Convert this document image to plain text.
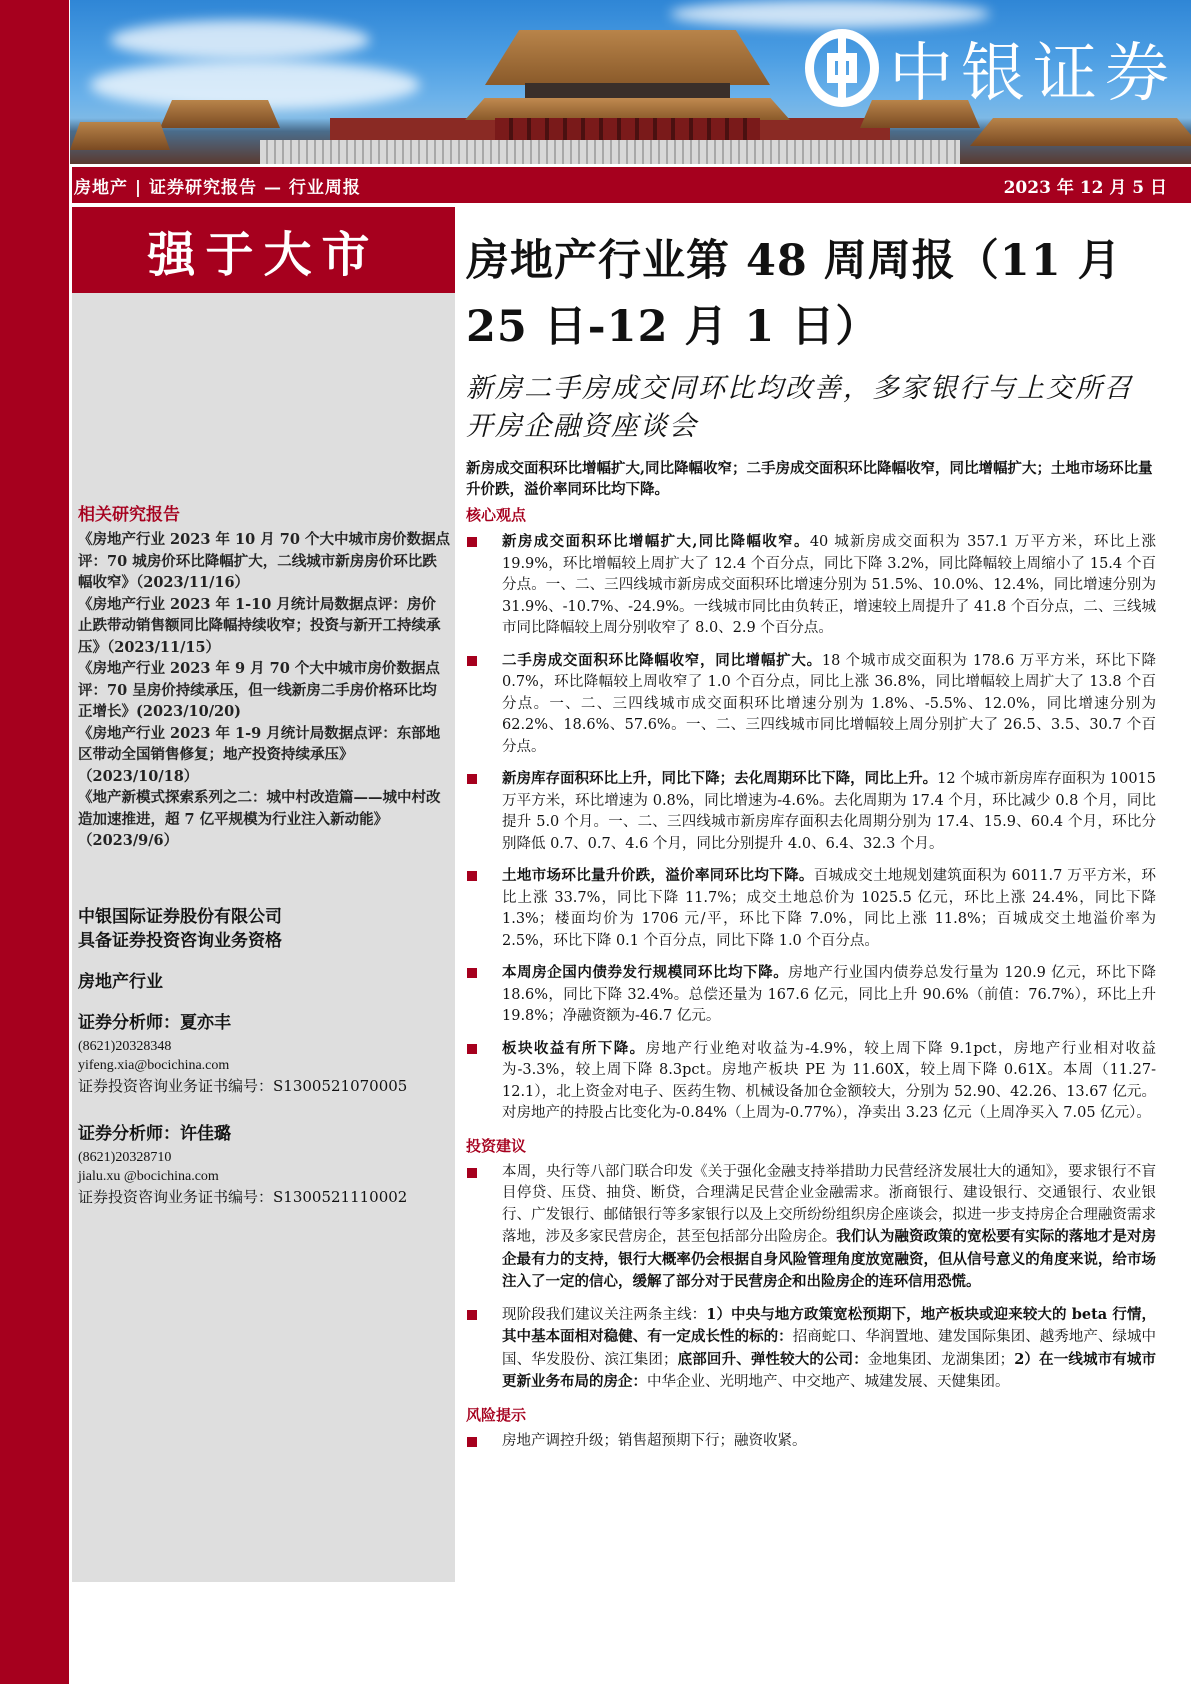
中银证券
房地产 | 证券研究报告 — 行业周报	2023 年 12 月 5 日
强于大市
相关研究报告
《房地产行业 2023 年 10 月 70 个大中城市房价数据点评：70 城房价环比降幅扩大，二线城市新房房价环比跌幅收窄》（2023/11/16）
《房地产行业 2023 年 1-10 月统计局数据点评：房价止跌带动销售额同比降幅持续收窄；投资与新开工持续承压》（2023/11/15）
《房地产行业 2023 年 9 月 70 个大中城市房价数据点评：70 呈房价持续承压，但一线新房二手房价格环比均正增长》(2023/10/20)
《房地产行业 2023 年 1-9 月统计局数据点评：东部地区带动全国销售修复；地产投资持续承压》（2023/10/18）
《地产新模式探索系列之二：城中村改造篇——城中村改造加速推进，超 7 亿平规模为行业注入新动能》（2023/9/6）
中银国际证券股份有限公司
具备证券投资咨询业务资格
房地产行业
证券分析师：夏亦丰
(8621)20328348
yifeng.xia@bocichina.com
证券投资咨询业务证书编号：S1300521070005
证券分析师：许佳璐
(8621)20328710
jialu.xu @bocichina.com
证券投资咨询业务证书编号：S1300521110002
房地产行业第 48 周周报（11 月 25 日-12 月 1 日）
新房二手房成交同环比均改善，多家银行与上交所召开房企融资座谈会
新房成交面积环比增幅扩大,同比降幅收窄；二手房成交面积环比降幅收窄，同比增幅扩大；土地市场环比量升价跌，溢价率同环比均下降。
核心观点
新房成交面积环比增幅扩大,同比降幅收窄。40 城新房成交面积为 357.1 万平方米，环比上涨 19.9%，环比增幅较上周扩大了 12.4 个百分点，同比下降 3.2%，同比降幅较上周缩小了 15.4 个百分点。一、二、三四线城市新房成交面积环比增速分别为 51.5%、10.0%、12.4%，同比增速分别为 31.9%、-10.7%、-24.9%。一线城市同比由负转正，增速较上周提升了 41.8 个百分点，二、三线城市同比降幅较上周分别收窄了 8.0、2.9 个百分点。
二手房成交面积环比降幅收窄，同比增幅扩大。18 个城市成交面积为 178.6 万平方米，环比下降 0.7%，环比降幅较上周收窄了 1.0 个百分点，同比上涨 36.8%，同比增幅较上周扩大了 13.8 个百分点。一、二、三四线城市成交面积环比增速分别为 1.8%、-5.5%、12.0%，同比增速分别为 62.2%、18.6%、57.6%。一、二、三四线城市同比增幅较上周分别扩大了 26.5、3.5、30.7 个百分点。
新房库存面积环比上升，同比下降；去化周期环比下降，同比上升。12 个城市新房库存面积为 10015 万平方米，环比增速为 0.8%，同比增速为-4.6%。去化周期为 17.4 个月，环比减少 0.8 个月，同比提升 5.0 个月。一、二、三四线城市新房库存面积去化周期分别为 17.4、15.9、60.4 个月，环比分别降低 0.7、0.7、4.6 个月，同比分别提升 4.0、6.4、32.3 个月。
土地市场环比量升价跌，溢价率同环比均下降。百城成交土地规划建筑面积为 6011.7 万平方米，环比上涨 33.7%，同比下降 11.7%；成交土地总价为 1025.5 亿元，环比上涨 24.4%，同比下降 1.3%；楼面均价为 1706 元/平，环比下降 7.0%，同比上涨 11.8%；百城成交土地溢价率为 2.5%，环比下降 0.1 个百分点，同比下降 1.0 个百分点。
本周房企国内债券发行规模同环比均下降。房地产行业国内债券总发行量为 120.9 亿元，环比下降 18.6%，同比下降 32.4%。总偿还量为 167.6 亿元，同比上升 90.6%（前值：76.7%），环比上升 19.8%；净融资额为-46.7 亿元。
板块收益有所下降。房地产行业绝对收益为-4.9%，较上周下降 9.1pct，房地产行业相对收益为-3.3%，较上周下降 8.3pct。房地产板块 PE 为 11.60X，较上周下降 0.61X。本周（11.27-12.1），北上资金对电子、医药生物、机械设备加仓金额较大，分别为 52.90、42.26、13.67 亿元。对房地产的持股占比变化为-0.84%（上周为-0.77%），净卖出 3.23 亿元（上周净买入 7.05 亿元）。
投资建议
本周，央行等八部门联合印发《关于强化金融支持举措助力民营经济发展壮大的通知》，要求银行不盲目停贷、压贷、抽贷、断贷，合理满足民营企业金融需求。浙商银行、建设银行、交通银行、农业银行、广发银行、邮储银行等多家银行以及上交所纷纷组织房企座谈会，拟进一步支持房企合理融资需求落地，涉及多家民营房企，甚至包括部分出险房企。我们认为融资政策的宽松要有实际的落地才是对房企最有力的支持，银行大概率仍会根据自身风险管理角度放宽融资，但从信号意义的角度来说，给市场注入了一定的信心，缓解了部分对于民营房企和出险房企的连环信用恐慌。
现阶段我们建议关注两条主线：1）中央与地方政策宽松预期下，地产板块或迎来较大的 beta 行情，其中基本面相对稳健、有一定成长性的标的：招商蛇口、华润置地、建发国际集团、越秀地产、绿城中国、华发股份、滨江集团；底部回升、弹性较大的公司：金地集团、龙湖集团；2）在一线城市有城市更新业务布局的房企：中华企业、光明地产、中交地产、城建发展、天健集团。
风险提示
房地产调控升级；销售超预期下行；融资收紧。
